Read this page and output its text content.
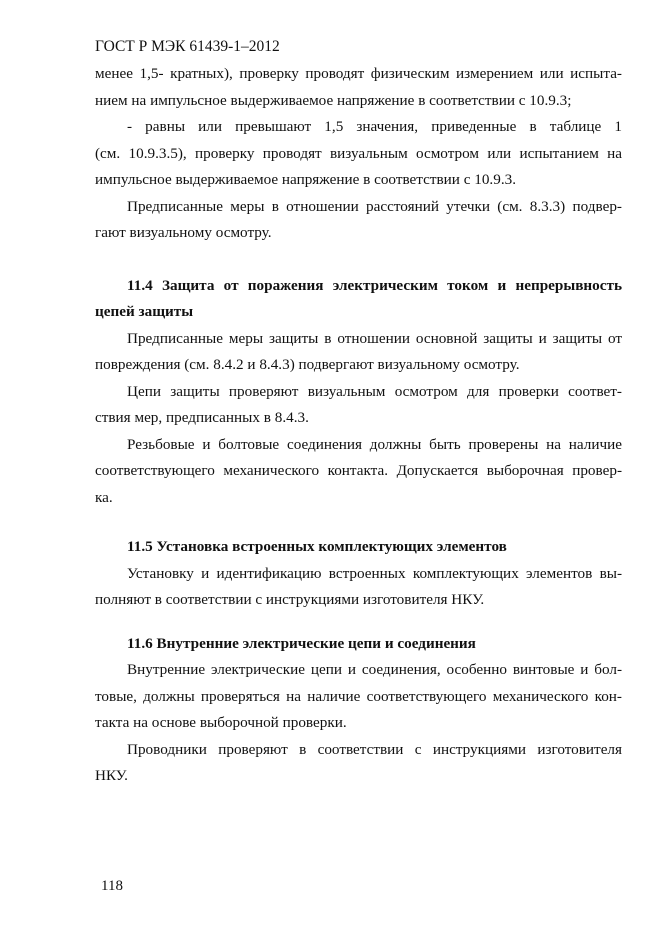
ГОСТ Р МЭК 61439-1–2012
менее 1,5- кратных), проверку проводят физическим измерением или испыта-
нием на импульсное выдерживаемое напряжение в соответствии с 10.9.3;
- равны или превышают 1,5 значения, приведенные в таблице 1
(см. 10.9.3.5), проверку проводят визуальным осмотром или испытанием на
импульсное выдерживаемое напряжение в соответствии с 10.9.3.
Предписанные меры в отношении расстояний утечки (см. 8.3.3) подвер-
гают визуальному осмотру.
11.4 Защита от поражения электрическим током и непрерывность
цепей защиты
Предписанные меры защиты в отношении основной защиты и защиты от
повреждения (см. 8.4.2 и 8.4.3) подвергают визуальному осмотру.
Цепи защиты проверяют визуальным осмотром для проверки соответ-
ствия мер, предписанных в 8.4.3.
Резьбовые и болтовые соединения должны быть проверены на наличие
соответствующего механического контакта. Допускается выборочная провер-
ка.
11.5 Установка встроенных комплектующих элементов
Установку и идентификацию встроенных комплектующих элементов вы-
полняют в соответствии с инструкциями изготовителя НКУ.
11.6 Внутренние электрические цепи и соединения
Внутренние электрические цепи и соединения, особенно винтовые и бол-
товые, должны проверяться на наличие соответствующего механического кон-
такта на основе выборочной проверки.
Проводники проверяют в соответствии с инструкциями изготовителя
НКУ.
118
